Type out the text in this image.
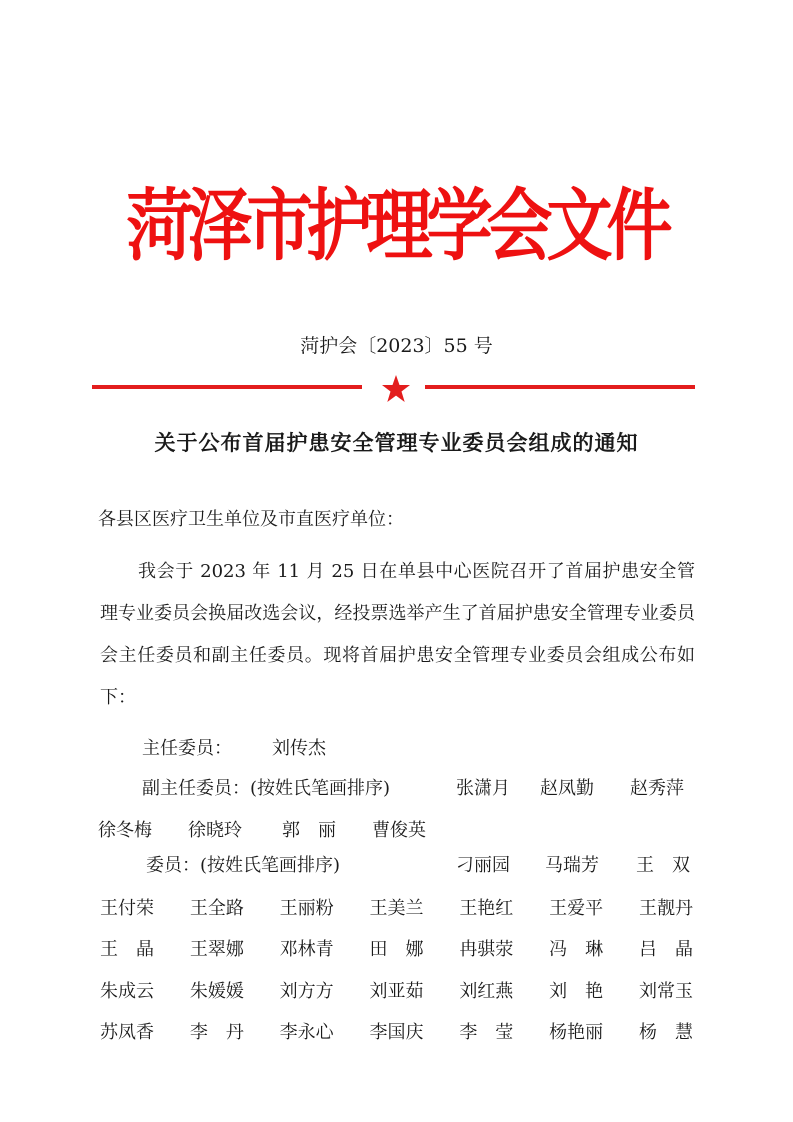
菏泽市护理学会文件
菏护会〔2023〕55 号
关于公布首届护患安全管理专业委员会组成的通知
各县区医疗卫生单位及市直医疗单位：

我会于 2023 年 11 月 25 日在单县中心医院召开了首届护患安全管理专业委员会换届改选会议，经投票选举产生了首届护患安全管理专业委员会主任委员和副主任委员。现将首届护患安全管理专业委员会组成公布如下：

主任委员： 刘传杰
副主任委员：(按姓氏笔画排序)	张潇月 赵凤勤 赵秀萍
徐冬梅 徐晓玲 郭　丽 曹俊英
委员：(按姓氏笔画排序)	刁丽园 马瑞芳 王　双
王付荣 王全路 王丽粉 王美兰 王艳红 王爱平 王靓丹
王　晶 王翠娜 邓林青 田　娜 冉骐荥 冯　琳 吕　晶
朱成云 朱媛媛 刘方方 刘亚茹 刘红燕 刘　艳 刘常玉
苏凤香 李　丹 李永心 李国庆 李　莹 杨艳丽 杨　慧
